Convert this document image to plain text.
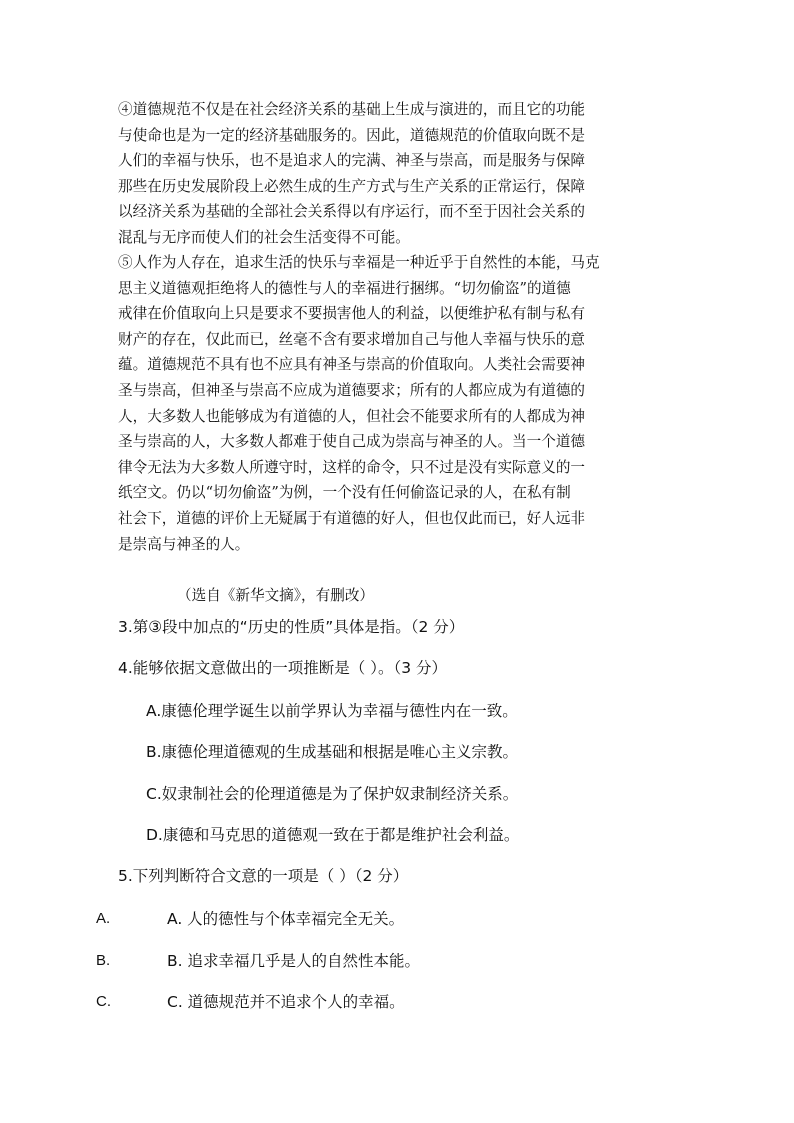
④道德规范不仅是在社会经济关系的基础上生成与演进的，而且它的功能
与使命也是为一定的经济基础服务的。因此，道德规范的价值取向既不是
人们的幸福与快乐，也不是追求人的完满、神圣与崇高，而是服务与保障
那些在历史发展阶段上必然生成的生产方式与生产关系的正常运行，保障
以经济关系为基础的全部社会关系得以有序运行，而不至于因社会关系的
混乱与无序而使人们的社会生活变得不可能。
⑤人作为人存在，追求生活的快乐与幸福是一种近乎于自然性的本能，马克
思主义道德观拒绝将人的德性与人的幸福进行捆绑。“切勿偷盗”的道德
戒律在价值取向上只是要求不要损害他人的利益，以便维护私有制与私有
财产的存在，仅此而已，丝毫不含有要求增加自己与他人幸福与快乐的意
蕴。道德规范不具有也不应具有神圣与崇高的价值取向。人类社会需要神
圣与崇高，但神圣与崇高不应成为道德要求；所有的人都应成为有道德的
人，大多数人也能够成为有道德的人，但社会不能要求所有的人都成为神
圣与崇高的人，大多数人都难于使自己成为崇高与神圣的人。当一个道德
律令无法为大多数人所遵守时，这样的命令，只不过是没有实际意义的一
纸空文。仍以“切勿偷盗”为例，一个没有任何偷盗记录的人，在私有制
社会下，道德的评价上无疑属于有道德的好人，但也仅此而已，好人远非
是崇高与神圣的人。
（选自《新华文摘》，有删改）
3.第③段中加点的“历史的性质”具体是指。（2 分）
4.能够依据文意做出的一项推断是（ ）。（3 分）
A.康德伦理学诞生以前学界认为幸福与德性内在一致。
B.康德伦理道德观的生成基础和根据是唯心主义宗教。
C.奴隶制社会的伦理道德是为了保护奴隶制经济关系。
D.康德和马克思的道德观一致在于都是维护社会利益。
5.下列判断符合文意的一项是（ ）（2 分）
A.	A. 人的德性与个体幸福完全无关。
B.	B. 追求幸福几乎是人的自然性本能。
C.	C. 道德规范并不追求个人的幸福。
